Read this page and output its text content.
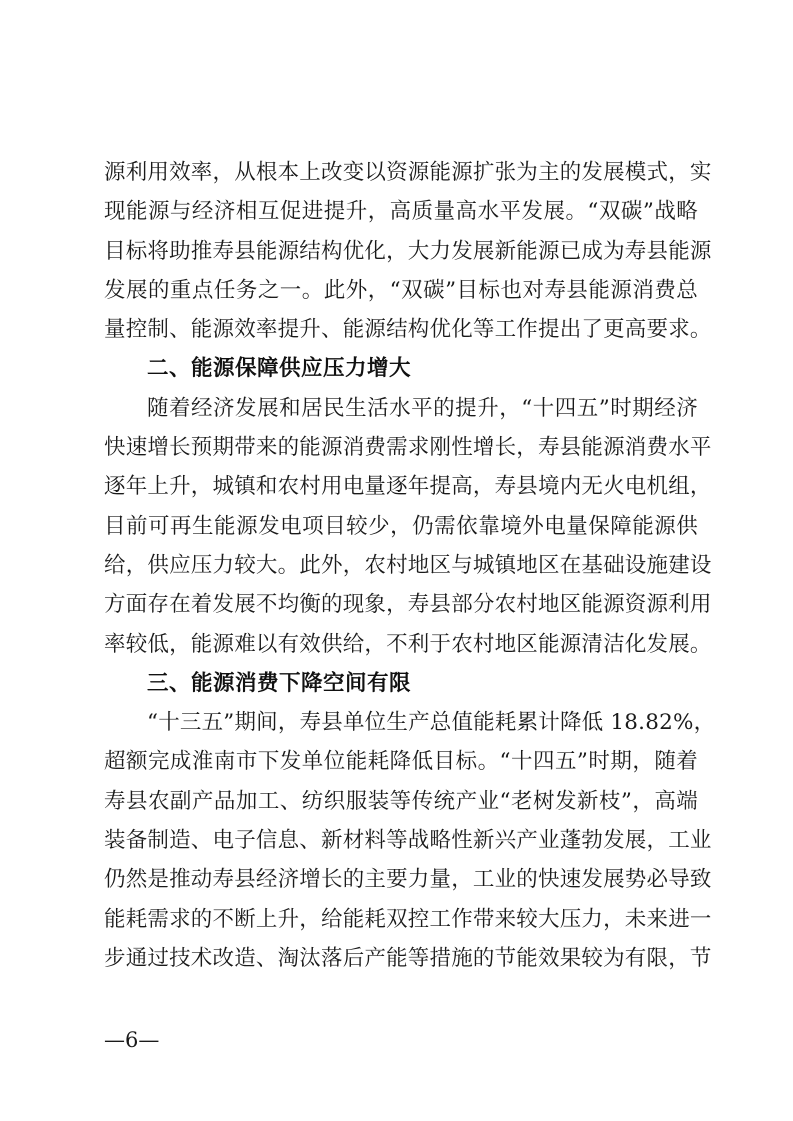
源利用效率，从根本上改变以资源能源扩张为主的发展模式，实
现能源与经济相互促进提升，高质量高水平发展。“双碳”战略
目标将助推寿县能源结构优化，大力发展新能源已成为寿县能源
发展的重点任务之一。此外，“双碳”目标也对寿县能源消费总
量控制、能源效率提升、能源结构优化等工作提出了更高要求。
二、能源保障供应压力增大
随着经济发展和居民生活水平的提升，“十四五”时期经济
快速增长预期带来的能源消费需求刚性增长，寿县能源消费水平
逐年上升，城镇和农村用电量逐年提高，寿县境内无火电机组，
目前可再生能源发电项目较少，仍需依靠境外电量保障能源供
给，供应压力较大。此外，农村地区与城镇地区在基础设施建设
方面存在着发展不均衡的现象，寿县部分农村地区能源资源利用
率较低，能源难以有效供给，不利于农村地区能源清洁化发展。
三、能源消费下降空间有限
“十三五”期间，寿县单位生产总值能耗累计降低 18.82%，
超额完成淮南市下发单位能耗降低目标。“十四五”时期，随着
寿县农副产品加工、纺织服装等传统产业“老树发新枝”，高端
装备制造、电子信息、新材料等战略性新兴产业蓬勃发展，工业
仍然是推动寿县经济增长的主要力量，工业的快速发展势必导致
能耗需求的不断上升，给能耗双控工作带来较大压力，未来进一
步通过技术改造、淘汰落后产能等措施的节能效果较为有限，节
—6—
